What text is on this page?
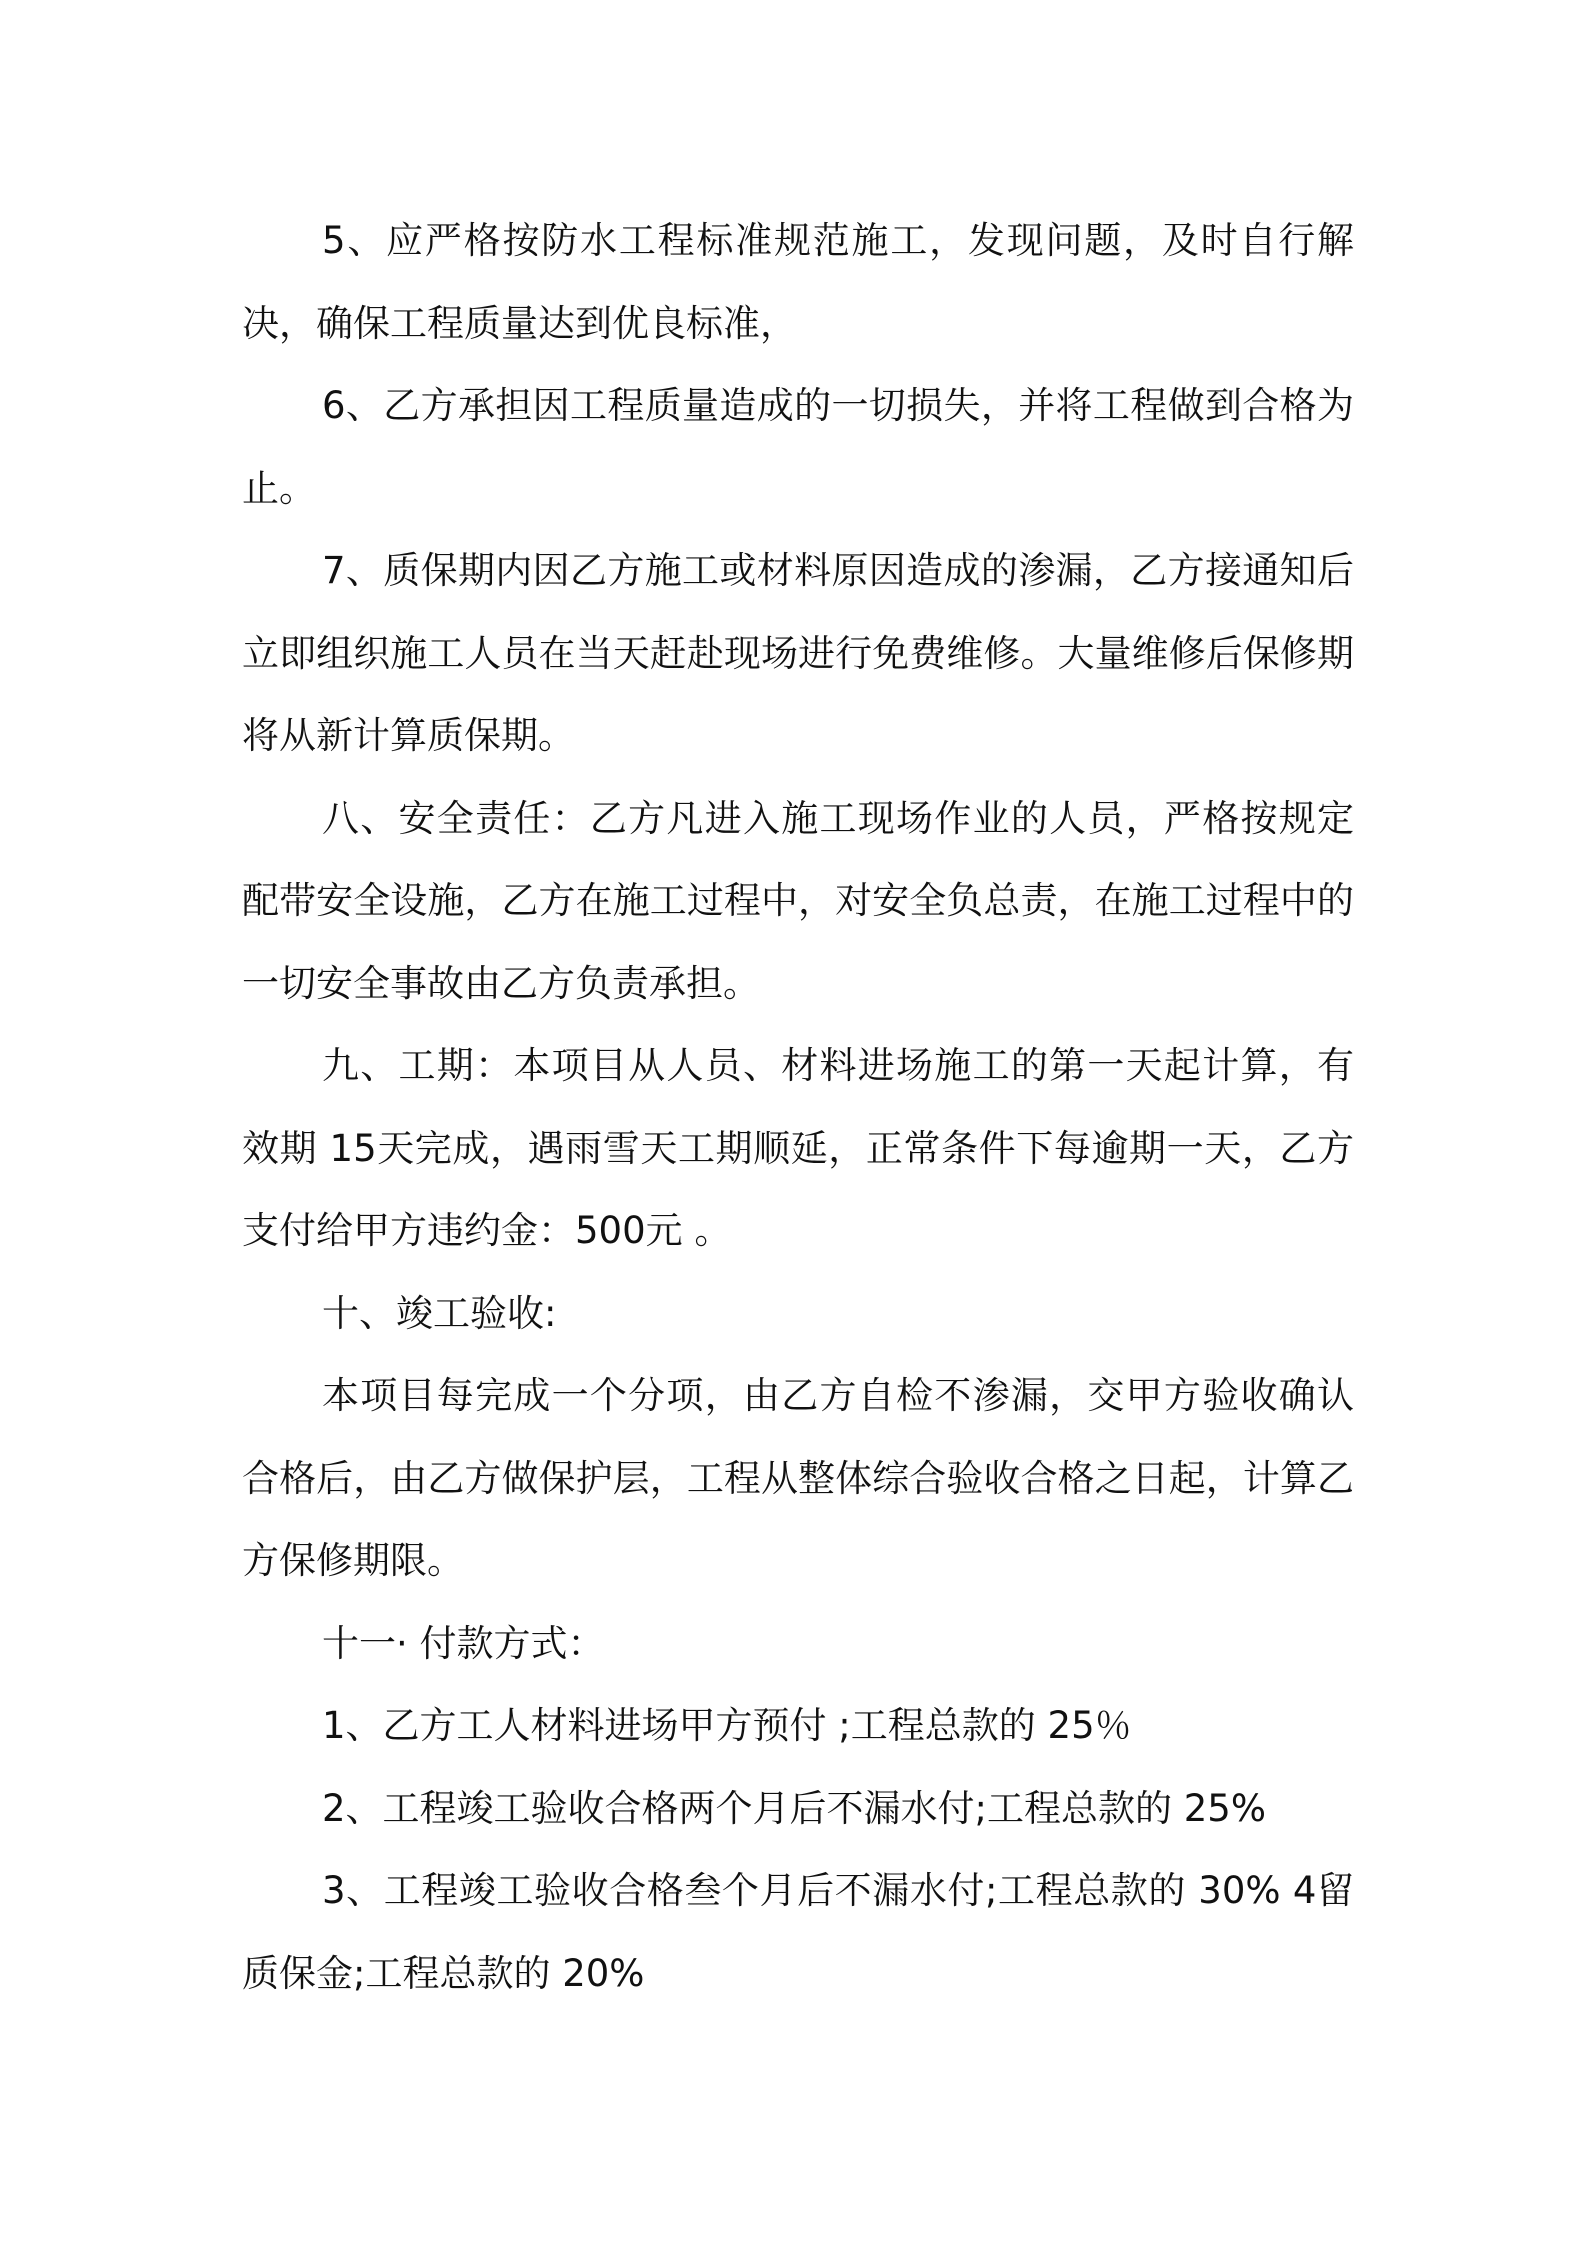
5、应严格按防水工程标准规范施工，发现问题，及时自行解决，确保工程质量达到优良标准，

6、乙方承担因工程质量造成的一切损失，并将工程做到合格为止。

7、质保期内因乙方施工或材料原因造成的渗漏，乙方接通知后立即组织施工人员在当天赶赴现场进行免费维修。大量维修后保修期将从新计算质保期。

八、安全责任：乙方凡进入施工现场作业的人员，严格按规定配带安全设施，乙方在施工过程中，对安全负总责，在施工过程中的一切安全事故由乙方负责承担。

九、工期：本项目从人员、材料进场施工的第一天起计算，有效期 15天完成，遇雨雪天工期顺延，正常条件下每逾期一天，乙方支付给甲方违约金：500元 。

十、竣工验收:

本项目每完成一个分项，由乙方自检不渗漏，交甲方验收确认合格后，由乙方做保护层，工程从整体综合验收合格之日起，计算乙方保修期限。

十一· 付款方式：

1、乙方工人材料进场甲方预付 ;工程总款的 25％

2、工程竣工验收合格两个月后不漏水付;工程总款的 25%

3、工程竣工验收合格叁个月后不漏水付;工程总款的 30% 4留质保金;工程总款的 20%
